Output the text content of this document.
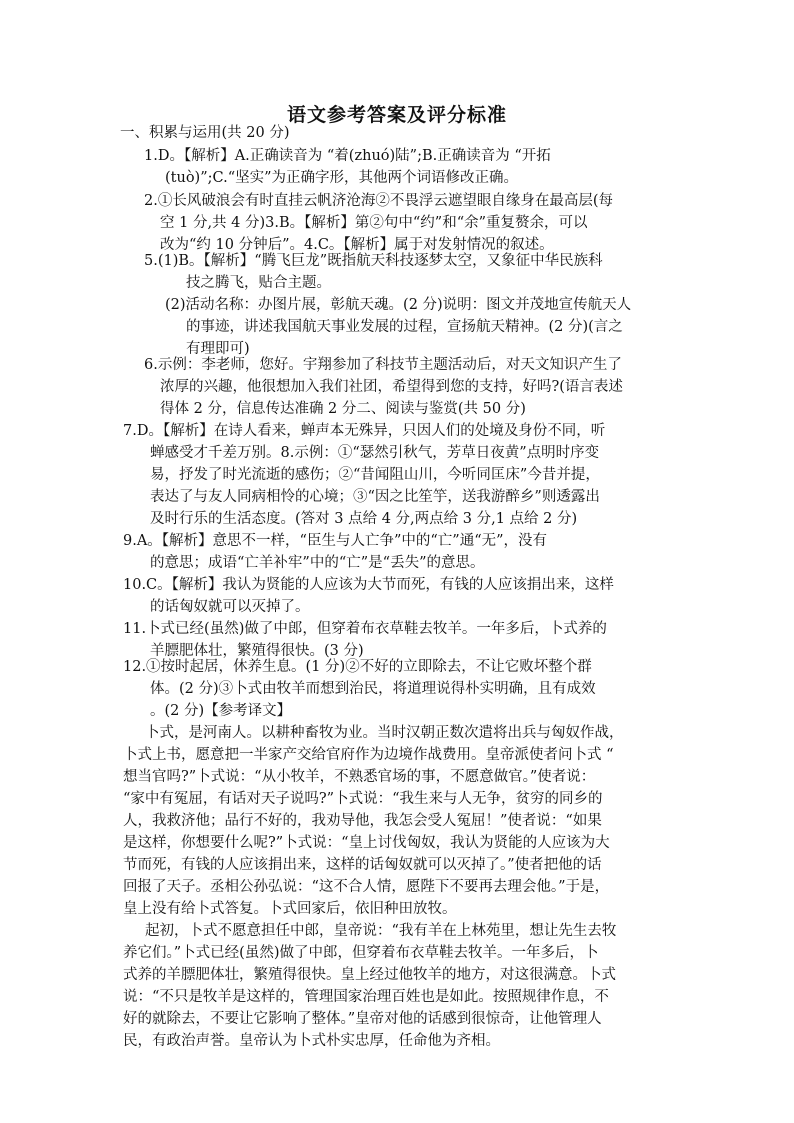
语文参考答案及评分标准
一、积累与运用(共 20 分)
1.D。【解析】A.正确读音为 “着(zhuó)陆”;B.正确读音为 “开拓
(tuò)”;C.“坚实”为正确字形，其他两个词语修改正确。
2.①长风破浪会有时直挂云帆济沧海②不畏浮云遮望眼自缘身在最高层(每
空 1 分,共 4 分)3.B。【解析】第②句中“约”和“余”重复赘余，可以
改为“约 10 分钟后”。4.C。【解析】属于对发射情况的叙述。
5.(1)B。【解析】“腾飞巨龙”既指航天科技逐梦太空，又象征中华民族科
技之腾飞，贴合主题。
(2)活动名称：办图片展，彰航天魂。(2 分)说明：图文并茂地宣传航天人
的事迹，讲述我国航天事业发展的过程，宣扬航天精神。(2 分)(言之
有理即可)
6.示例：李老师，您好。宇翔参加了科技节主题活动后，对天文知识产生了
浓厚的兴趣，他很想加入我们社团，希望得到您的支持，好吗?(语言表述
得体 2 分，信息传达准确 2 分二、阅读与鉴赏(共 50 分)
7.D。【解析】在诗人看来，蝉声本无殊异，只因人们的处境及身份不同，听
蝉感受才千差万别。8.示例：①“瑟然引秋气，芳草日夜黄”点明时序变
易，抒发了时光流逝的感伤；②“昔闻阻山川，今听同匡床”今昔并提，
表达了与友人同病相怜的心境；③“因之比笙竽，送我游醉乡”则透露出
及时行乐的生活态度。(答对 3 点给 4 分,两点给 3 分,1 点给 2 分)
9.A。【解析】意思不一样，“臣生与人亡争”中的“亡”通“无”，没有
的意思；成语“亡羊补牢”中的“亡”是“丢失”的意思。
10.C。【解析】我认为贤能的人应该为大节而死，有钱的人应该捐出来，这样
的话匈奴就可以灭掉了。
11.卜式已经(虽然)做了中郎，但穿着布衣草鞋去牧羊。一年多后，卜式养的
羊膘肥体壮，繁殖得很快。(3 分)
12.①按时起居，休养生息。(1 分)②不好的立即除去，不让它败坏整个群
体。(2 分)③卜式由牧羊而想到治民，将道理说得朴实明确，且有成效
。(2 分)【参考译文】
卜式，是河南人。以耕种畜牧为业。当时汉朝正数次遣将出兵与匈奴作战，
卜式上书，愿意把一半家产交给官府作为边境作战费用。皇帝派使者问卜式 “
想当官吗?”卜式说：“从小牧羊，不熟悉官场的事，不愿意做官。”使者说：
“家中有冤屈，有话对天子说吗?”卜式说：“我生来与人无争，贫穷的同乡的
人，我救济他；品行不好的，我劝导他，我怎会受人冤屈！”使者说：“如果
是这样，你想要什么呢?”卜式说：“皇上讨伐匈奴，我认为贤能的人应该为大
节而死，有钱的人应该捐出来，这样的话匈奴就可以灭掉了。”使者把他的话
回报了天子。丞相公孙弘说：“这不合人情，愿陛下不要再去理会他。”于是，
皇上没有给卜式答复。卜式回家后，依旧种田放牧。
起初，卜式不愿意担任中郎，皇帝说：“我有羊在上林苑里，想让先生去牧
养它们。”卜式已经(虽然)做了中郎，但穿着布衣草鞋去牧羊。一年多后，卜
式养的羊膘肥体壮，繁殖得很快。皇上经过他牧羊的地方，对这很满意。卜式
说：“不只是牧羊是这样的，管理国家治理百姓也是如此。按照规律作息，不
好的就除去，不要让它影响了整体。”皇帝对他的话感到很惊奇，让他管理人
民，有政治声誉。皇帝认为卜式朴实忠厚，任命他为齐相。
